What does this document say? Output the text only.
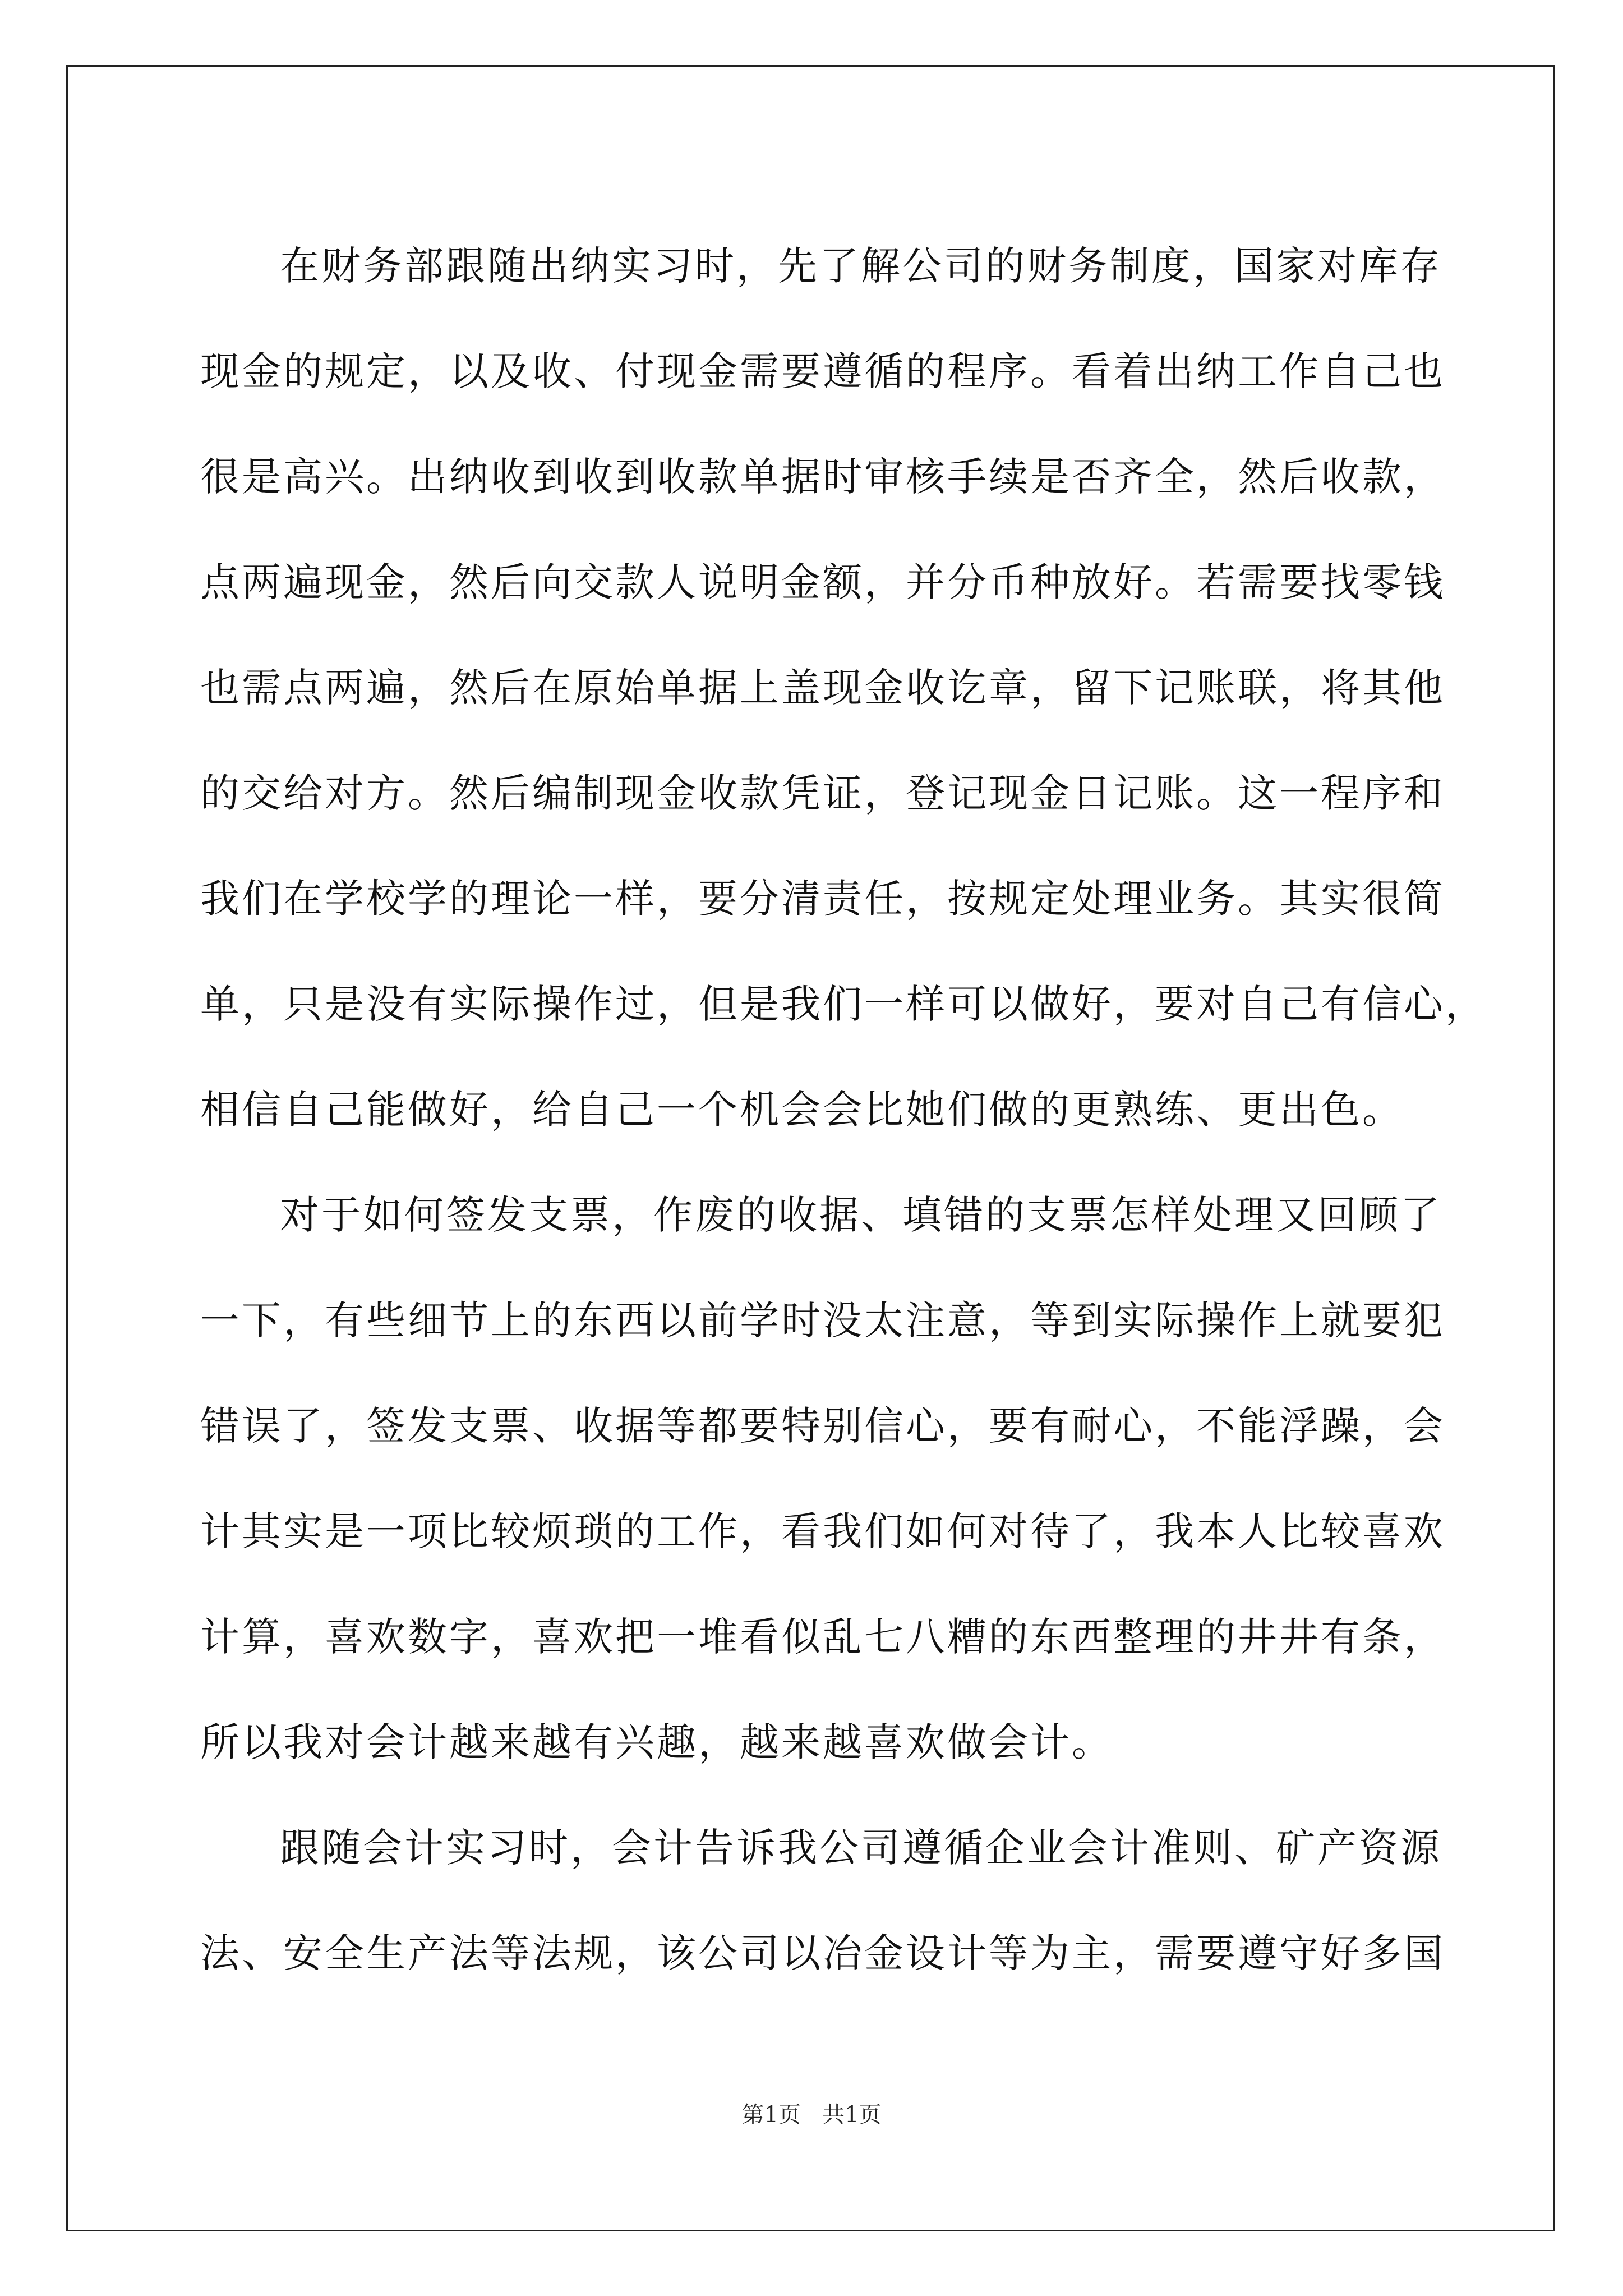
在财务部跟随出纳实习时，先了解公司的财务制度，国家对库存
现金的规定，以及收、付现金需要遵循的程序。看着出纳工作自己也
很是高兴。出纳收到收到收款单据时审核手续是否齐全，然后收款，
点两遍现金，然后向交款人说明金额，并分币种放好。若需要找零钱
也需点两遍，然后在原始单据上盖现金收讫章，留下记账联，将其他
的交给对方。然后编制现金收款凭证，登记现金日记账。这一程序和
我们在学校学的理论一样，要分清责任，按规定处理业务。其实很简
单，只是没有实际操作过，但是我们一样可以做好，要对自己有信心，
相信自己能做好，给自己一个机会会比她们做的更熟练、更出色。
对于如何签发支票，作废的收据、填错的支票怎样处理又回顾了
一下，有些细节上的东西以前学时没太注意，等到实际操作上就要犯
错误了，签发支票、收据等都要特别信心，要有耐心，不能浮躁，会
计其实是一项比较烦琐的工作，看我们如何对待了，我本人比较喜欢
计算，喜欢数字，喜欢把一堆看似乱七八糟的东西整理的井井有条，
所以我对会计越来越有兴趣，越来越喜欢做会计。
跟随会计实习时，会计告诉我公司遵循企业会计准则、矿产资源
法、安全生产法等法规，该公司以冶金设计等为主，需要遵守好多国
第1页 共1页
